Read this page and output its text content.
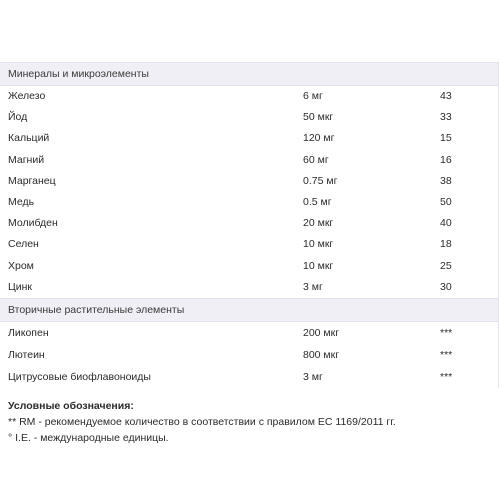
Минералы и микроэлементы
Железо	6 мг	43
Йод	50 мкг	33
Кальций	120 мг	15
Магний	60 мг	16
Марганец	0.75 мг	38
Медь	0.5 мг	50
Молибден	20 мкг	40
Селен	10 мкг	18
Хром	10 мкг	25
Цинк	3 мг	30
Вторичные растительные элементы
Ликопен	200 мкг	***
Лютеин	800 мкг	***
Цитрусовые биофлавоноиды	3 мг	***
Условные обозначения:
** RM - рекомендуемое количество в соответствии с правилом ЕС 1169/2011 гг.
° I.E. - международные единицы.
